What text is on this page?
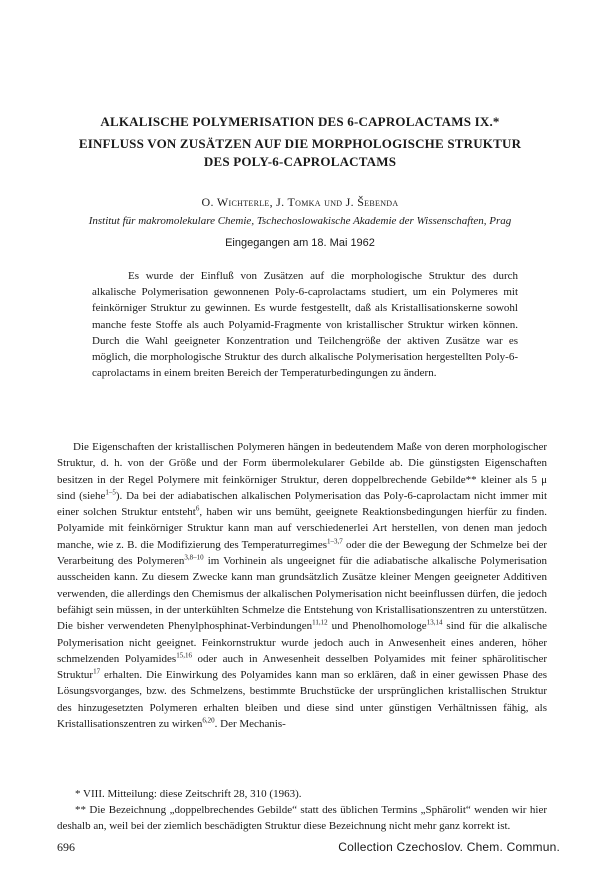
ALKALISCHE POLYMERISATION DES 6-CAPROLACTAMS IX.*
EINFLUSS VON ZUSÄTZEN AUF DIE MORPHOLOGISCHE STRUKTUR
DES POLY-6-CAPROLACTAMS
O. Wichterle, J. Tomka und J. Šebenda
Institut für makromolekulare Chemie, Tschechoslowakische Akademie der Wissenschaften, Prag
Eingegangen am 18. Mai 1962

Es wurde der Einfluß von Zusätzen auf die morphologische Struktur des durch alkalische Polymerisation gewonnenen Poly-6-caprolactams studiert, um ein Polymeres mit feinkörniger Struktur zu gewinnen. Es wurde festgestellt, daß als Kristallisationskerne sowohl manche feste Stoffe als auch Polyamid-Fragmente von kristallischer Struktur wirken können. Durch die Wahl geeigneter Konzentration und Teilchengröße der aktiven Zusätze war es möglich, die morphologische Struktur des durch alkalische Polymerisation hergestellten Poly-6-caprolactams in einem breiten Bereich der Temperaturbedingungen zu ändern.

Die Eigenschaften der kristallischen Polymeren hängen in bedeutendem Maße von deren morphologischer Struktur, d. h. von der Größe und der Form übermolekularer Gebilde ab. Die günstigsten Eigenschaften besitzen in der Regel Polymere mit feinkörniger Struktur, deren doppelbrechende Gebilde** kleiner als 5 μ sind (siehe$^{1-5}$). Da bei der adiabatischen alkalischen Polymerisation das Poly-6-caprolactam nicht immer mit einer solchen Struktur entsteht$^6$, haben wir uns bemüht, geeignete Reaktionsbedingungen hierfür zu finden. Polyamide mit feinkörniger Struktur kann man auf verschiedenerlei Art herstellen, von denen man jedoch manche, wie z. B. die Modifizierung des Temperaturregimes$^{1-3,7}$ oder die der Bewegung der Schmelze bei der Verarbeitung des Polymeren$^{3,8-10}$ im Vorhinein als ungeeignet für die adiabatische alkalische Polymerisation ausscheiden kann. Zu diesem Zwecke kann man grundsätzlich Zusätze kleiner Mengen geeigneter Additiven verwenden, die allerdings den Chemismus der alkalischen Polymerisation nicht beeinflussen dürfen, die jedoch befähigt sein müssen, in der unterkühlten Schmelze die Entstehung von Kristallisationszentren zu unterstützen. Die bisher verwendeten Phenylphosphinat-Verbindungen$^{11,12}$ und Phenolhomologe$^{13,14}$ sind für die alkalische Polymerisation nicht geeignet. Feinkornstruktur wurde jedoch auch in Anwesenheit eines anderen, höher schmelzenden Polyamides$^{15,16}$ oder auch in Anwesenheit desselben Polyamides mit feiner sphärolitischer Struktur$^{17}$ erhalten. Die Einwirkung des Polyamides kann man so erklären, daß in einer gewissen Phase des Lösungsvorganges, bzw. des Schmelzens, bestimmte Bruchstücke der ursprünglichen kristallischen Struktur des hinzugesetzten Polymeren erhalten bleiben und diese sind unter günstigen Verhältnissen fähig, als Kristallisationszentren zu wirken$^{6,20}$. Der Mechanis-

* VIII. Mitteilung: diese Zeitschrift 28, 310 (1963).

** Die Bezeichnung „doppelbrechendes Gebilde“ statt des üblichen Termins „Sphärolit“ wenden wir hier deshalb an, weil bei der ziemlich beschädigten Struktur diese Bezeichnung nicht mehr ganz korrekt ist.

696	Collection Czechoslov. Chem. Commun.
